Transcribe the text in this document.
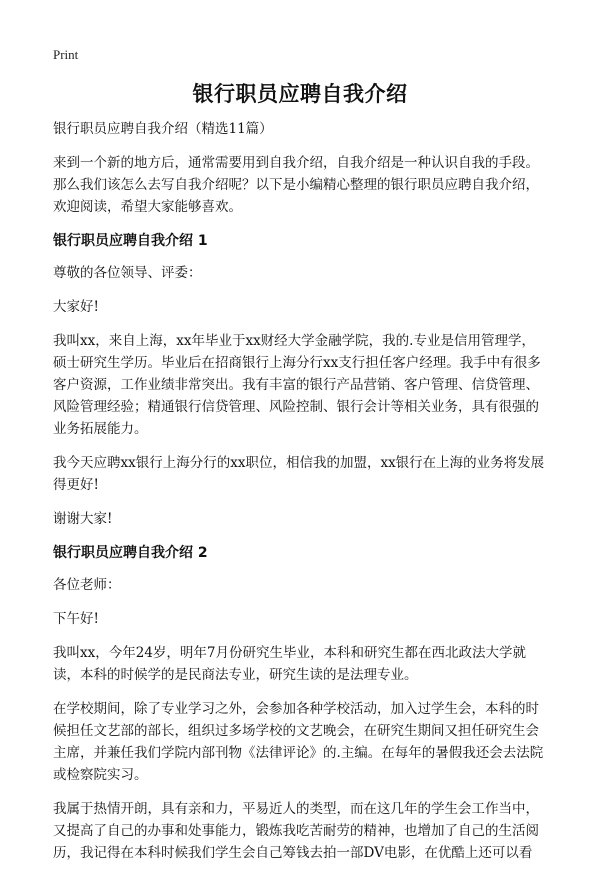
Print
银行职员应聘自我介绍

银行职员应聘自我介绍（精选11篇）

来到一个新的地方后，通常需要用到自我介绍，自我介绍是一种认识自我的手段。那么我们该怎么去写自我介绍呢？以下是小编精心整理的银行职员应聘自我介绍，欢迎阅读，希望大家能够喜欢。

银行职员应聘自我介绍 1

尊敬的各位领导、评委：

大家好!

我叫xx，来自上海，xx年毕业于xx财经大学金融学院，我的.专业是信用管理学，硕士研究生学历。毕业后在招商银行上海分行xx支行担任客户经理。我手中有很多客户资源，工作业绩非常突出。我有丰富的银行产品营销、客户管理、信贷管理、风险管理经验；精通银行信贷管理、风险控制、银行会计等相关业务，具有很强的业务拓展能力。

我今天应聘xx银行上海分行的xx职位，相信我的加盟，xx银行在上海的业务将发展得更好!

谢谢大家!

银行职员应聘自我介绍 2

各位老师：

下午好!

我叫xx，今年24岁，明年7月份研究生毕业，本科和研究生都在西北政法大学就读，本科的时候学的是民商法专业，研究生读的是法理专业。

在学校期间，除了专业学习之外，会参加各种学校活动，加入过学生会，本科的时候担任文艺部的部长，组织过多场学校的文艺晚会，在研究生期间又担任研究生会主席，并兼任我们学院内部刊物《法律评论》的.主编。在每年的暑假我还会去法院或检察院实习。

我属于热情开朗，具有亲和力，平易近人的类型，而在这几年的学生会工作当中，又提高了自己的办事和处事能力，锻炼我吃苦耐劳的精神，也增加了自己的生活阅历，我记得在本科时候我们学生会自己筹钱去拍一部DV电影，在优酷上还可以看
